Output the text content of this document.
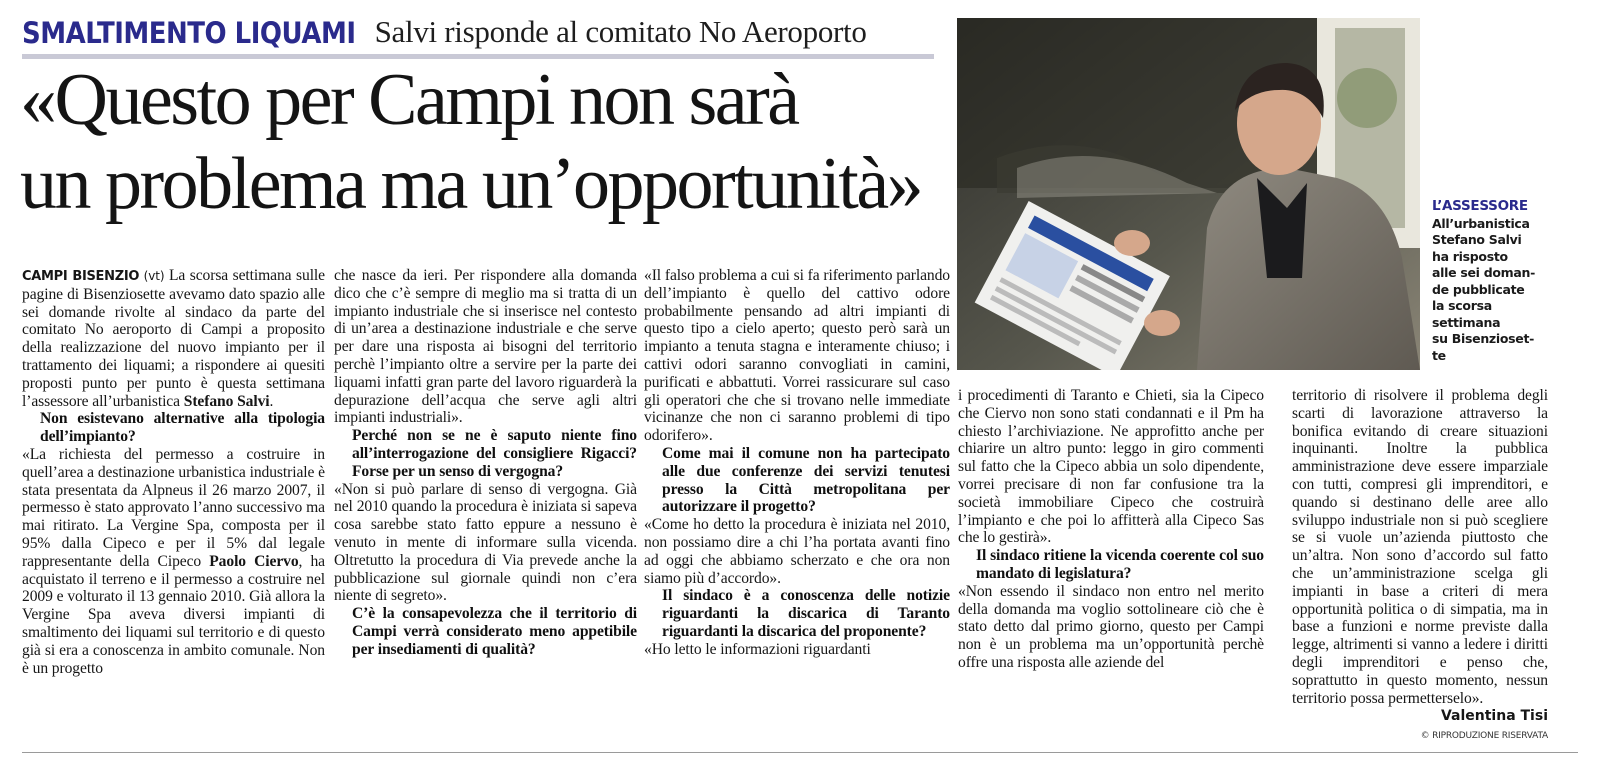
SMALTIMENTO LIQUAMI Salvi risponde al comitato No Aeroporto
«Questo per Campi non sarà
un problema ma un’opportunità»	L’ASSESSORE
All’urbanistica
Stefano Salvi
ha risposto
alle sei doman-
de pubblicate
la scorsa
settimana
su Bisenzioset-
te

CAMPI BISENZIO (vt) La scorsa settimana sulle pagine di Bisenziosette avevamo dato spazio alle sei domande rivolte al sindaco da parte del comitato No aeroporto di Campi a proposito della realizzazione del nuovo impianto per il trattamento dei liquami; a rispondere ai quesiti proposti punto per punto è questa settimana l’assessore all’urbanistica Stefano Salvi.

Non esistevano alternative alla tipologia dell’impianto?

«La richiesta del permesso a costruire in quell’area a destinazione urbanistica industriale è stata presentata da Alpneus il 26 marzo 2007, il permesso è stato approvato l’anno successivo ma mai ritirato. La Vergine Spa, composta per il 95% dalla Cipeco e per il 5% dal legale rappresentante della Cipeco Paolo Ciervo, ha acquistato il terreno e il permesso a costruire nel 2009 e volturato il 13 gennaio 2010. Già allora la Vergine Spa aveva diversi impianti di smaltimento dei liquami sul territorio e di questo già si era a conoscenza in ambito comunale. Non è un progetto

che nasce da ieri. Per rispondere alla domanda dico che c’è sempre di meglio ma si tratta di un impianto industriale che si inserisce nel contesto di un’area a destinazione industriale e che serve per dare una risposta ai bisogni del territorio perchè l’impianto oltre a servire per la parte dei liquami infatti gran parte del lavoro riguarderà la depurazione dell’acqua che serve agli altri impianti industriali».

Perché non se ne è saputo niente fino all’interrogazione del consigliere Rigacci? Forse per un senso di vergogna?

«Non si può parlare di senso di vergogna. Già nel 2010 quando la procedura è iniziata si sapeva cosa sarebbe stato fatto eppure a nessuno è venuto in mente di informare sulla vicenda. Oltretutto la procedura di Via prevede anche la pubblicazione sul giornale quindi non c’era niente di segreto».

C’è la consapevolezza che il territorio di Campi verrà considerato meno appetibile per insediamenti di qualità?

«Il falso problema a cui si fa riferimento parlando dell’impianto è quello del cattivo odore probabilmente pensando ad altri impianti di questo tipo a cielo aperto; questo però sarà un impianto a tenuta stagna e interamente chiuso; i cattivi odori saranno convogliati in camini, purificati e abbattuti. Vorrei rassicurare sul caso gli operatori che che si trovano nelle immediate vicinanze che non ci saranno problemi di tipo odorifero».

Come mai il comune non ha partecipato alle due conferenze dei servizi tenutesi presso la Città metropolitana per autorizzare il progetto?

«Come ho detto la procedura è iniziata nel 2010, non possiamo dire a chi l’ha portata avanti fino ad oggi che abbiamo scherzato e che ora non siamo più d’accordo».

Il sindaco è a conoscenza delle notizie riguardanti la discarica di Taranto riguardanti la discarica del proponente?

«Ho letto le informazioni riguardanti

i procedimenti di Taranto e Chieti, sia la Cipeco che Ciervo non sono stati condannati e il Pm ha chiesto l’archiviazione. Ne approfitto anche per chiarire un altro punto: leggo in giro commenti sul fatto che la Cipeco abbia un solo dipendente, vorrei precisare di non far confusione tra la società immobiliare Cipeco che costruirà l’impianto e che poi lo affitterà alla Cipeco Sas che lo gestirà».

Il sindaco ritiene la vicenda coerente col suo mandato di legislatura?

«Non essendo il sindaco non entro nel merito della domanda ma voglio sottolineare ciò che è stato detto dal primo giorno, questo per Campi non è un problema ma un’opportunità perchè offre una risposta alle aziende del

territorio di risolvere il problema degli scarti di lavorazione attraverso la bonifica evitando di creare situazioni inquinanti. Inoltre la pubblica amministrazione deve essere imparziale con tutti, compresi gli imprenditori, e quando si destinano delle aree allo sviluppo industriale non si può scegliere se si vuole un’azienda piuttosto che un’altra. Non sono d’accordo sul fatto che un’amministrazione scelga gli impianti in base a criteri di mera opportunità politica o di simpatia, ma in base a funzioni e norme previste dalla legge, altrimenti si vanno a ledere i diritti degli imprenditori e penso che, soprattutto in questo momento, nessun territorio possa permetterselo».

Valentina Tisi
© RIPRODUZIONE RISERVATA
